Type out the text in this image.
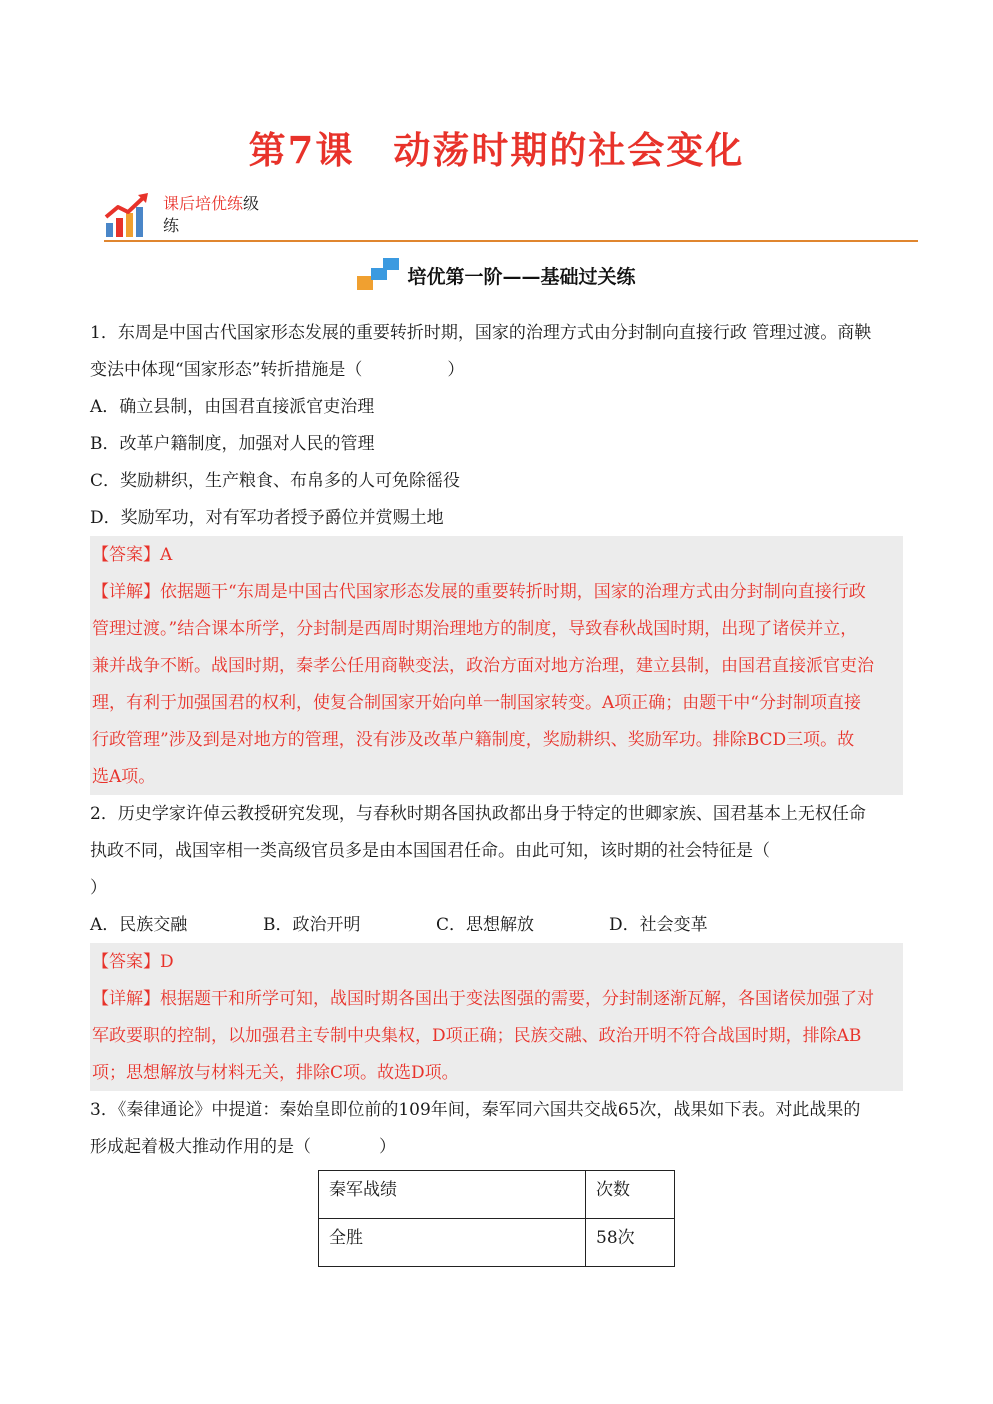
第7课　动荡时期的社会变化
课后培优练级
练
培优第一阶——基础过关练
1．东周是中国古代国家形态发展的重要转折时期，国家的治理方式由分封制向直接行政 管理过渡。商鞅
变法中体现“国家形态”转折措施是（　　　　　）
A．确立县制，由国君直接派官吏治理
B．改革户籍制度，加强对人民的管理
C．奖励耕织，生产粮食、布帛多的人可免除徭役
D．奖励军功，对有军功者授予爵位并赏赐土地
【答案】A
【详解】依据题干“东周是中国古代国家形态发展的重要转折时期，国家的治理方式由分封制向直接行政
管理过渡。”结合课本所学，分封制是西周时期治理地方的制度，导致春秋战国时期，出现了诸侯并立，
兼并战争不断。战国时期，秦孝公任用商鞅变法，政治方面对地方治理，建立县制，由国君直接派官吏治
理，有利于加强国君的权利，使复合制国家开始向单一制国家转变。A项正确；由题干中“分封制项直接
行政管理”涉及到是对地方的管理，没有涉及改革户籍制度，奖励耕织、奖励军功。排除BCD三项。故
选A项。
2．历史学家许倬云教授研究发现，与春秋时期各国执政都出身于特定的世卿家族、国君基本上无权任命
执政不同，战国宰相一类高级官员多是由本国国君任命。由此可知，该时期的社会特征是（
）
A．民族交融	B．政治开明	C．思想解放	D．社会变革
【答案】D
【详解】根据题干和所学可知，战国时期各国出于变法图强的需要，分封制逐渐瓦解，各国诸侯加强了对
军政要职的控制，以加强君主专制中央集权，D项正确；民族交融、政治开明不符合战国时期，排除AB
项；思想解放与材料无关，排除C项。故选D项。
3．《秦律通论》中提道：秦始皇即位前的109年间，秦军同六国共交战65次，战果如下表。对此战果的
形成起着极大推动作用的是（　　　　）
秦军战绩	次数
全胜	58次
